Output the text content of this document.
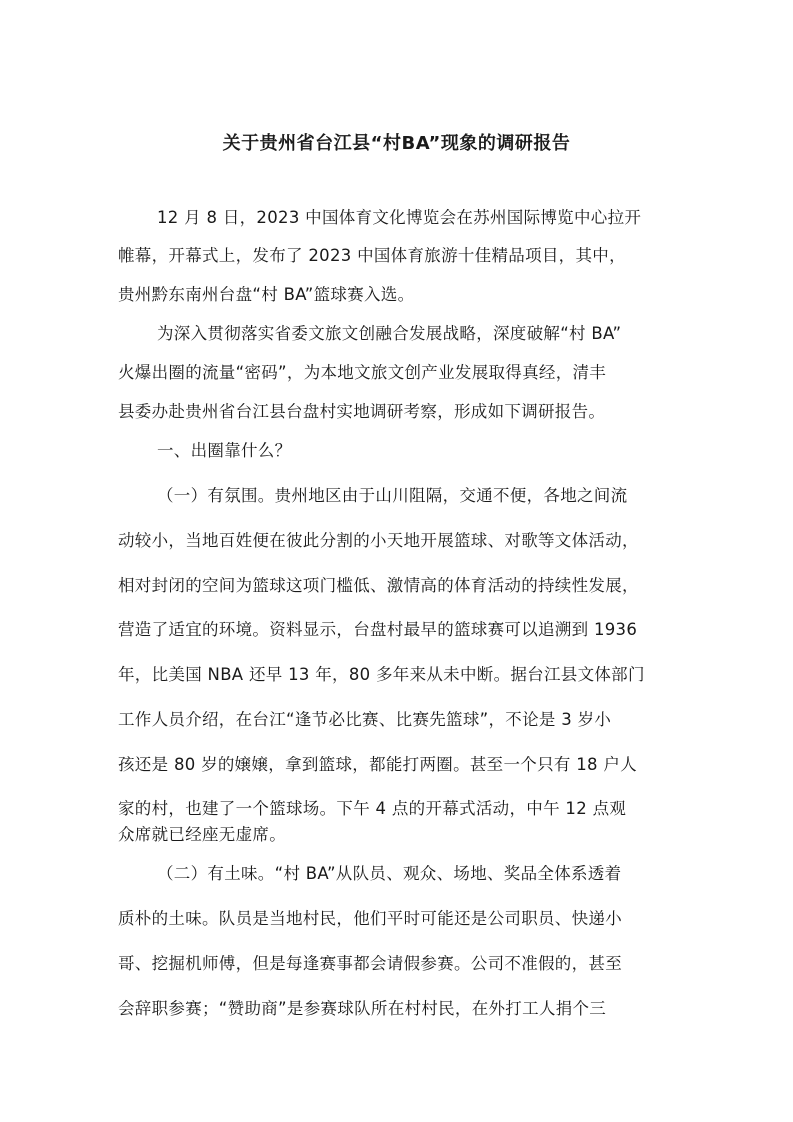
关于贵州省台江县“村BA”现象的调研报告
12 月 8 日，2023 中国体育文化博览会在苏州国际博览中心拉开
帷幕，开幕式上，发布了 2023 中国体育旅游十佳精品项目，其中，
贵州黔东南州台盘“村 BA”篮球赛入选。
为深入贯彻落实省委文旅文创融合发展战略，深度破解“村 BA”
火爆出圈的流量“密码”，为本地文旅文创产业发展取得真经，清丰
县委办赴贵州省台江县台盘村实地调研考察，形成如下调研报告。
一、出圈靠什么？
（一）有氛围。贵州地区由于山川阻隔，交通不便，各地之间流
动较小，当地百姓便在彼此分割的小天地开展篮球、对歌等文体活动，
相对封闭的空间为篮球这项门槛低、激情高的体育活动的持续性发展，
营造了适宜的环境。资料显示，台盘村最早的篮球赛可以追溯到 1936
年，比美国 NBA 还早 13 年，80 多年来从未中断。据台江县文体部门
工作人员介绍，在台江“逢节必比赛、比赛先篮球”，不论是 3 岁小
孩还是 80 岁的嬢嬢，拿到篮球，都能打两圈。甚至一个只有 18 户人
家的村，也建了一个篮球场。下午 4 点的开幕式活动，中午 12 点观
众席就已经座无虚席。
（二）有土味。“村 BA”从队员、观众、场地、奖品全体系透着
质朴的土味。队员是当地村民，他们平时可能还是公司职员、快递小
哥、挖掘机师傅，但是每逢赛事都会请假参赛。公司不准假的，甚至
会辞职参赛；“赞助商”是参赛球队所在村村民，在外打工人捐个三
